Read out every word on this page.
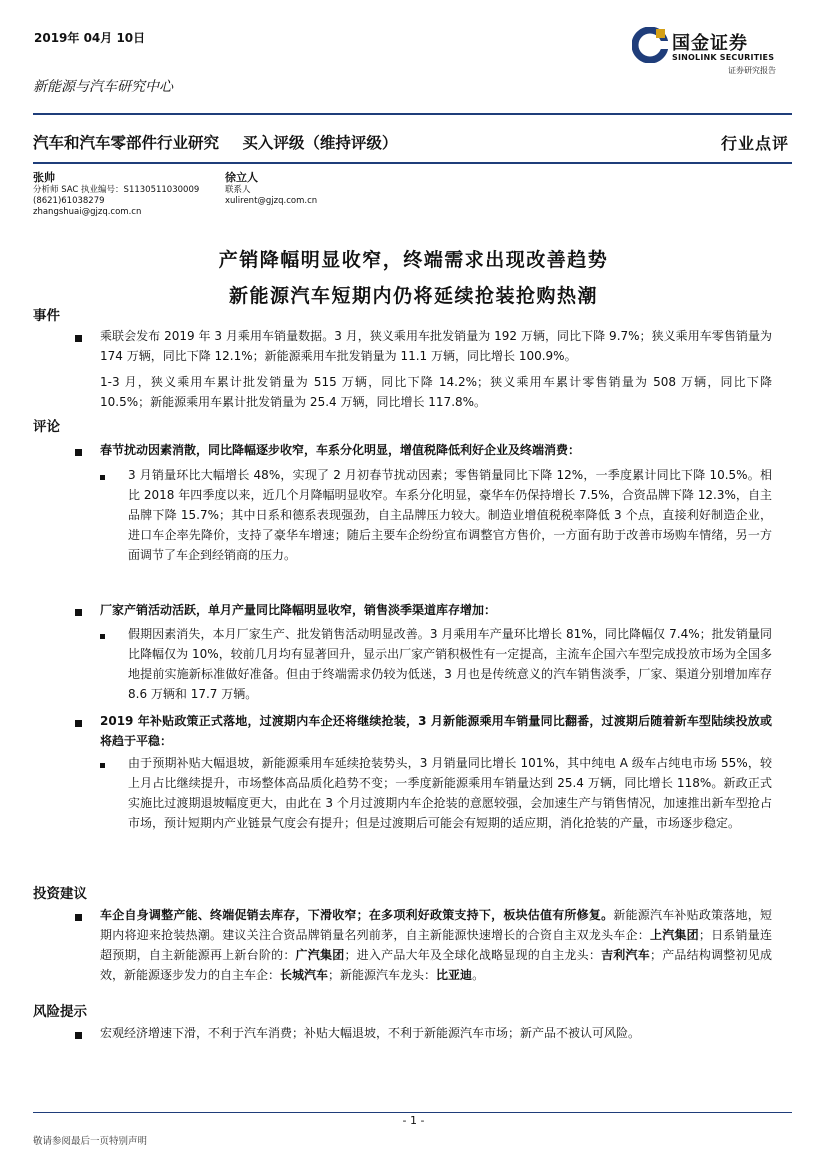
2019年 04月 10日
新能源与汽车研究中心
国金证券
SINOLINK SECURITIES
证券研究报告
汽车和汽车零部件行业研究 买入评级（维持评级）	行业点评
张帅
分析师 SAC 执业编号：S1130511030009
(8621)61038279
zhangshuai@gjzq.com.cn
徐立人
联系人
xulirent@gjzq.com.cn
产销降幅明显收窄，终端需求出现改善趋势
新能源汽车短期内仍将延续抢装抢购热潮
事件
乘联会发布 2019 年 3 月乘用车销量数据。3 月，狭义乘用车批发销量为 192 万辆，同比下降 9.7%；狭义乘用车零售销量为 174 万辆，同比下降 12.1%；新能源乘用车批发销量为 11.1 万辆，同比增长 100.9%。
1-3 月，狭义乘用车累计批发销量为 515 万辆，同比下降 14.2%；狭义乘用车累计零售销量为 508 万辆，同比下降 10.5%；新能源乘用车累计批发销量为 25.4 万辆，同比增长 117.8%。
评论
春节扰动因素消散，同比降幅逐步收窄，车系分化明显，增值税降低利好企业及终端消费：
3 月销量环比大幅增长 48%，实现了 2 月初春节扰动因素；零售销量同比下降 12%，一季度累计同比下降 10.5%。相比 2018 年四季度以来，近几个月降幅明显收窄。车系分化明显，豪华车仍保持增长 7.5%，合资品牌下降 12.3%，自主品牌下降 15.7%；其中日系和德系表现强劲，自主品牌压力较大。制造业增值税税率降低 3 个点，直接利好制造企业，进口车企率先降价，支持了豪华车增速；随后主要车企纷纷宣布调整官方售价，一方面有助于改善市场购车情绪，另一方面调节了车企到经销商的压力。
厂家产销活动活跃，单月产量同比降幅明显收窄，销售淡季渠道库存增加：
假期因素消失，本月厂家生产、批发销售活动明显改善。3 月乘用车产量环比增长 81%，同比降幅仅 7.4%；批发销量同比降幅仅为 10%，较前几月均有显著回升，显示出厂家产销积极性有一定提高，主流车企国六车型完成投放市场为全国多地提前实施新标准做好准备。但由于终端需求仍较为低迷，3 月也是传统意义的汽车销售淡季，厂家、渠道分别增加库存 8.6 万辆和 17.7 万辆。
2019 年补贴政策正式落地，过渡期内车企还将继续抢装，3 月新能源乘用车销量同比翻番，过渡期后随着新车型陆续投放或将趋于平稳：
由于预期补贴大幅退坡，新能源乘用车延续抢装势头，3 月销量同比增长 101%，其中纯电 A 级车占纯电市场 55%，较上月占比继续提升，市场整体高品质化趋势不变；一季度新能源乘用车销量达到 25.4 万辆，同比增长 118%。新政正式实施比过渡期退坡幅度更大，由此在 3 个月过渡期内车企抢装的意愿较强，会加速生产与销售情况，加速推出新车型抢占市场，预计短期内产业链景气度会有提升；但是过渡期后可能会有短期的适应期，消化抢装的产量，市场逐步稳定。
投资建议
车企自身调整产能、终端促销去库存，下滑收窄；在多项利好政策支持下，板块估值有所修复。新能源汽车补贴政策落地，短期内将迎来抢装热潮。建议关注合资品牌销量名列前茅，自主新能源快速增长的合资自主双龙头车企：上汽集团；日系销量连超预期，自主新能源再上新台阶的：广汽集团；进入产品大年及全球化战略显现的自主龙头：吉利汽车；产品结构调整初见成效，新能源逐步发力的自主车企：长城汽车；新能源汽车龙头：比亚迪。
风险提示
宏观经济增速下滑，不利于汽车消费；补贴大幅退坡，不利于新能源汽车市场；新产品不被认可风险。
- 1 -
敬请参阅最后一页特别声明
